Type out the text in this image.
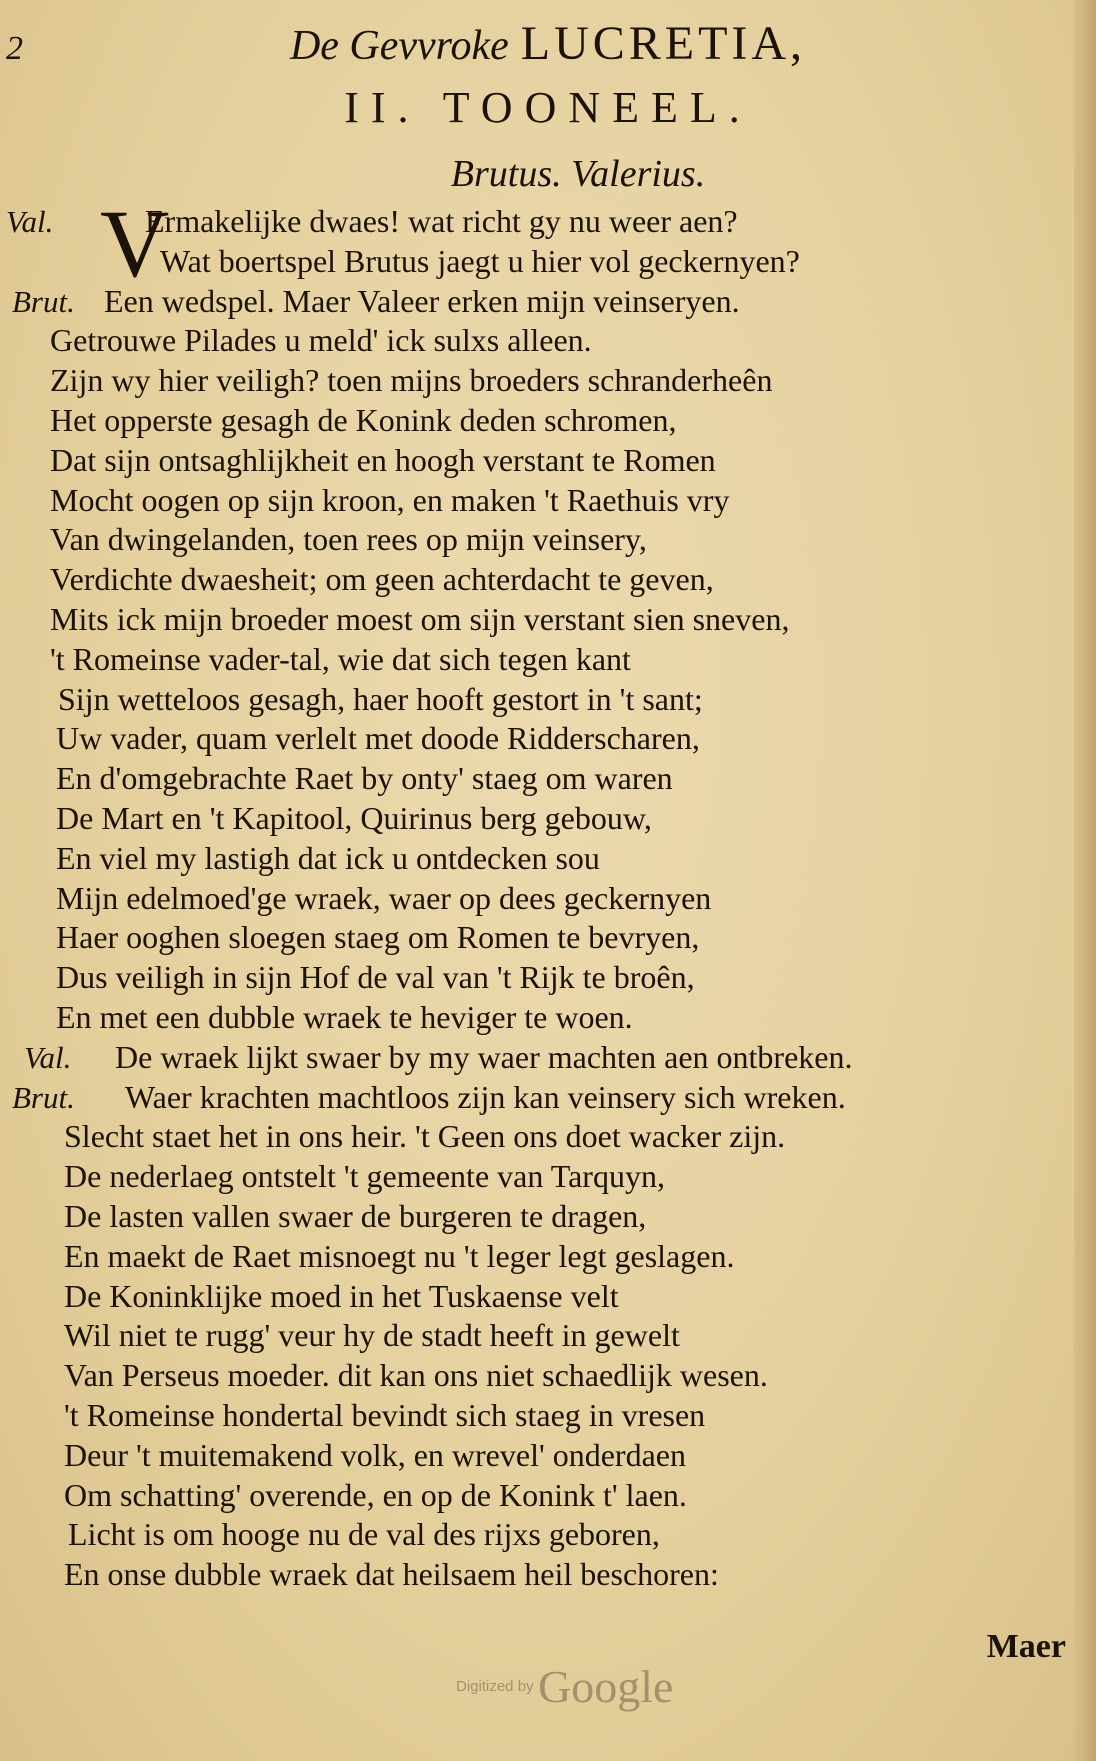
2	De Gevvroke LUCRETIA,
II. TOONEEL.
Brutus. Valerius.
V
Val.	Ermakelijke dwaes! wat richt gy nu weer aen?
Wat boertspel Brutus jaegt u hier vol geckernyen?
Brut. Een wedspel. Maer Valeer erken mijn veinseryen.
Getrouwe Pilades u meld' ick sulxs alleen.
Zijn wy hier veiligh? toen mijns broeders schranderheên
Het opperste gesagh de Konink deden schromen,
Dat sijn ontsaghlijkheit en hoogh verstant te Romen
Mocht oogen op sijn kroon, en maken 't Raethuis vry
Van dwingelanden, toen rees op mijn veinsery,
Verdichte dwaesheit; om geen achterdacht te geven,
Mits ick mijn broeder moest om sijn verstant sien sneven,
't Romeinse vader-tal, wie dat sich tegen kant
Sijn wetteloos gesagh, haer hooft gestort in 't sant;
Uw vader, quam verlelt met doode Ridderscharen,
En d'omgebrachte Raet by onty' staeg om waren
De Mart en 't Kapitool, Quirinus berg gebouw,
En viel my lastigh dat ick u ontdecken sou
Mijn edelmoed'ge wraek, waer op dees geckernyen
Haer ooghen sloegen staeg om Romen te bevryen,
Dus veiligh in sijn Hof de val van 't Rijk te broên,
En met een dubble wraek te heviger te woen.
Val. De wraek lijkt swaer by my waer machten aen ontbreken.
Brut. Waer krachten machtloos zijn kan veinsery sich wreken.
Slecht staet het in ons heir. 't Geen ons doet wacker zijn.
De nederlaeg ontstelt 't gemeente van Tarquyn,
De lasten vallen swaer de burgeren te dragen,
En maekt de Raet misnoegt nu 't leger legt geslagen.
De Koninklijke moed in het Tuskaense velt
Wil niet te rugg' veur hy de stadt heeft in gewelt
Van Perseus moeder. dit kan ons niet schaedlijk wesen.
't Romeinse hondertal bevindt sich staeg in vresen
Deur 't muitemakend volk, en wrevel' onderdaen
Om schatting' overende, en op de Konink t' laen.
Licht is om hooge nu de val des rijxs geboren,
En onse dubble wraek dat heilsaem heil beschoren:
Maer
Digitized by Google
